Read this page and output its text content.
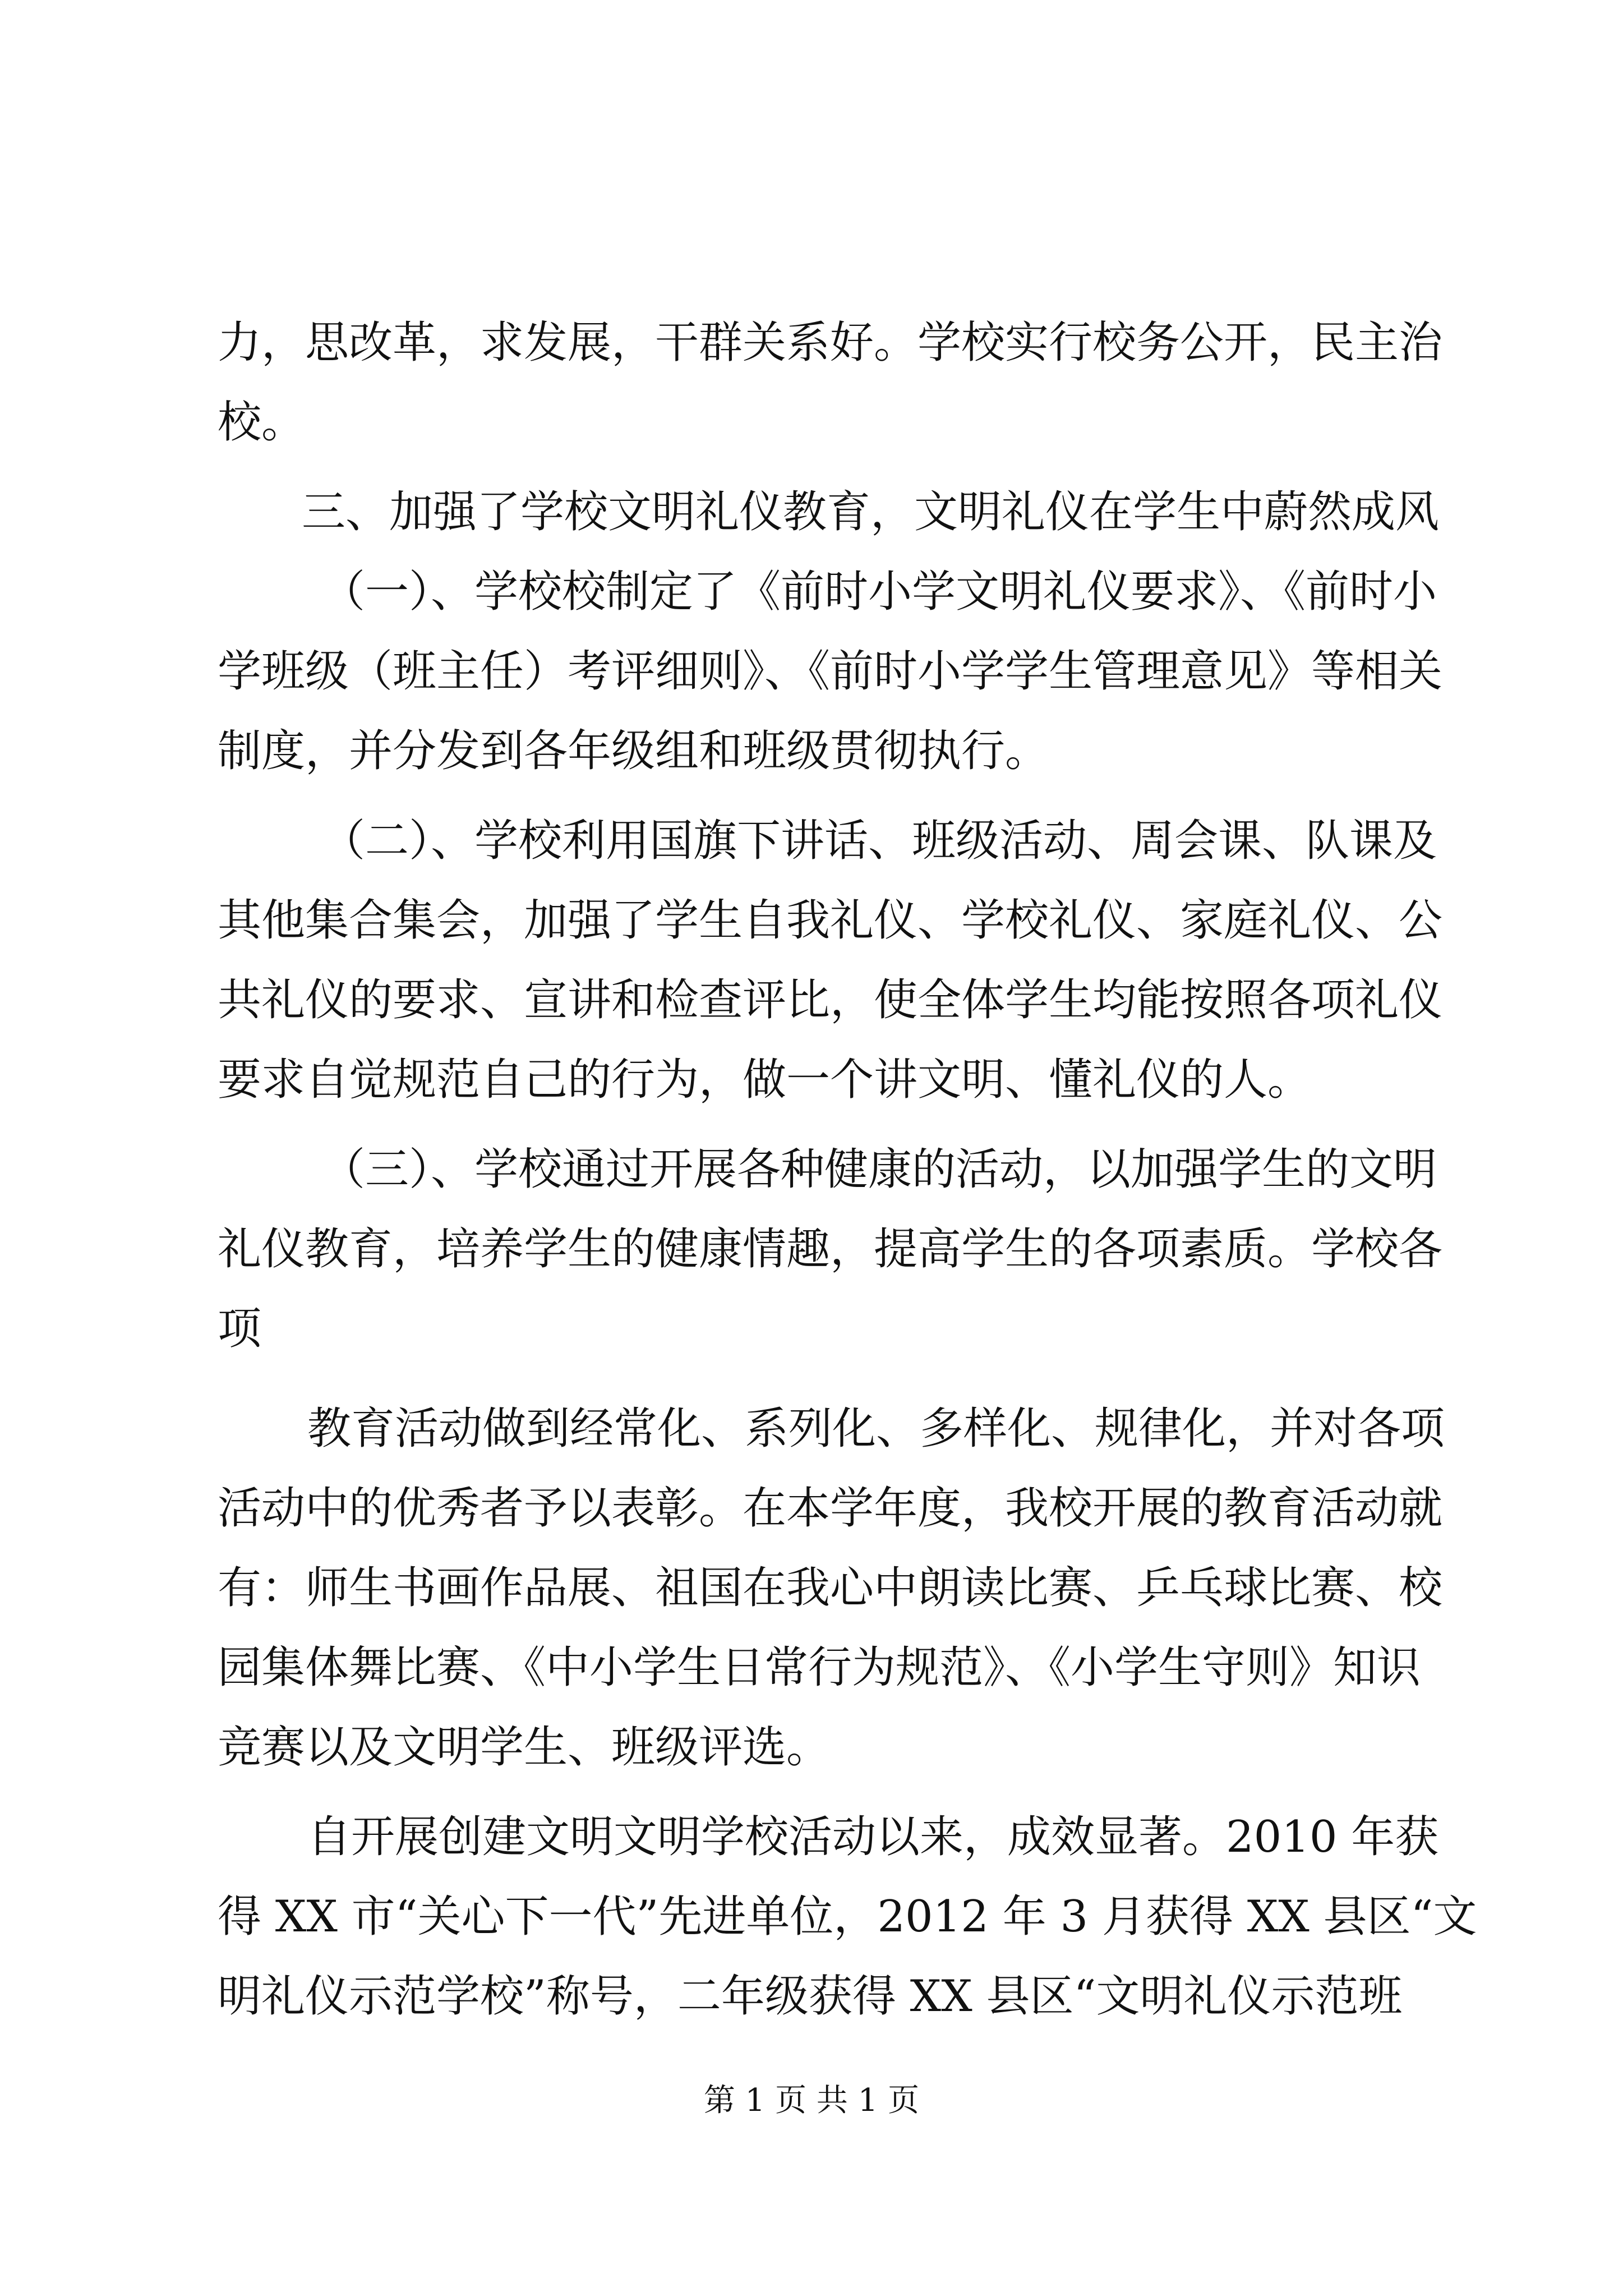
力，思改革，求发展，干群关系好。学校实行校务公开，民主治
校。
三、加强了学校文明礼仪教育，文明礼仪在学生中蔚然成风
（一）、学校校制定了《前时小学文明礼仪要求》、《前时小
学班级（班主任）考评细则》、《前时小学学生管理意见》等相关
制度，并分发到各年级组和班级贯彻执行。
（二）、学校利用国旗下讲话、班级活动、周会课、队课及
其他集合集会，加强了学生自我礼仪、学校礼仪、家庭礼仪、公
共礼仪的要求、宣讲和检查评比，使全体学生均能按照各项礼仪
要求自觉规范自己的行为，做一个讲文明、懂礼仪的人。
（三）、学校通过开展各种健康的活动，以加强学生的文明
礼仪教育，培养学生的健康情趣，提高学生的各项素质。学校各
项
教育活动做到经常化、系列化、多样化、规律化，并对各项
活动中的优秀者予以表彰。在本学年度，我校开展的教育活动就
有：师生书画作品展、祖国在我心中朗读比赛、乒乓球比赛、校
园集体舞比赛、《中小学生日常行为规范》、《小学生守则》知识
竞赛以及文明学生、班级评选。
自开展创建文明文明学校活动以来，成效显著。2010 年获
得 XX 市“关心下一代”先进单位，2012 年 3 月获得 XX 县区“文
明礼仪示范学校”称号，二年级获得 XX 县区“文明礼仪示范班
第 1 页 共 1 页
